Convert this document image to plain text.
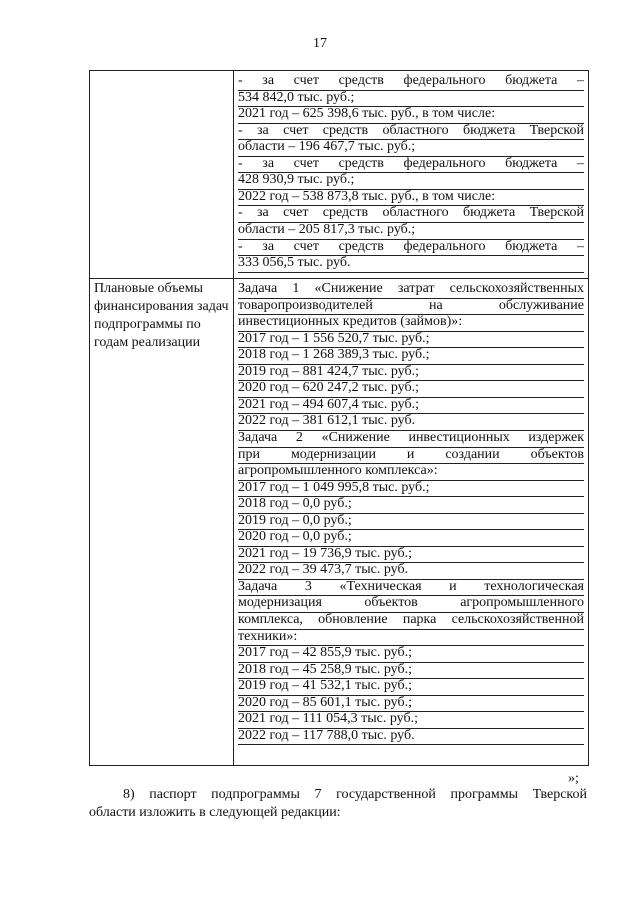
17
Плановые объемы финансирования задач подпрограммы по годам реализации
- за счет средств федерального бюджета –
534 842,0 тыс. руб.;
2021 год – 625 398,6 тыс. руб., в том числе:
- за счет средств областного бюджета Тверской
области – 196 467,7 тыс. руб.;
- за счет средств федерального бюджета –
428 930,9 тыс. руб.;
2022 год – 538 873,8 тыс. руб., в том числе:
- за счет средств областного бюджета Тверской
области – 205 817,3 тыс. руб.;
- за счет средств федерального бюджета –
333 056,5 тыс. руб.
Задача 1 «Снижение затрат сельскохозяйственных
товаропроизводителей на обслуживание
инвестиционных кредитов (займов)»:
2017 год – 1 556 520,7 тыс. руб.;
2018 год – 1 268 389,3 тыс. руб.;
2019 год – 881 424,7 тыс. руб.;
2020 год – 620 247,2 тыс. руб.;
2021 год – 494 607,4 тыс. руб.;
2022 год – 381 612,1 тыс. руб.
Задача 2 «Снижение инвестиционных издержек
при модернизации и создании объектов
агропромышленного комплекса»:
2017 год – 1 049 995,8 тыс. руб.;
2018 год – 0,0 руб.;
2019 год – 0,0 руб.;
2020 год – 0,0 руб.;
2021 год – 19 736,9 тыс. руб.;
2022 год – 39 473,7 тыс. руб.
Задача 3 «Техническая и технологическая
модернизация объектов агропромышленного
комплекса, обновление парка сельскохозяйственной
техники»:
2017 год – 42 855,9 тыс. руб.;
2018 год – 45 258,9 тыс. руб.;
2019 год – 41 532,1 тыс. руб.;
2020 год – 85 601,1 тыс. руб.;
2021 год – 111 054,3 тыс. руб.;
2022 год – 117 788,0 тыс. руб.
»;
8) паспорт подпрограммы 7 государственной программы Тверской
области изложить в следующей редакции:
